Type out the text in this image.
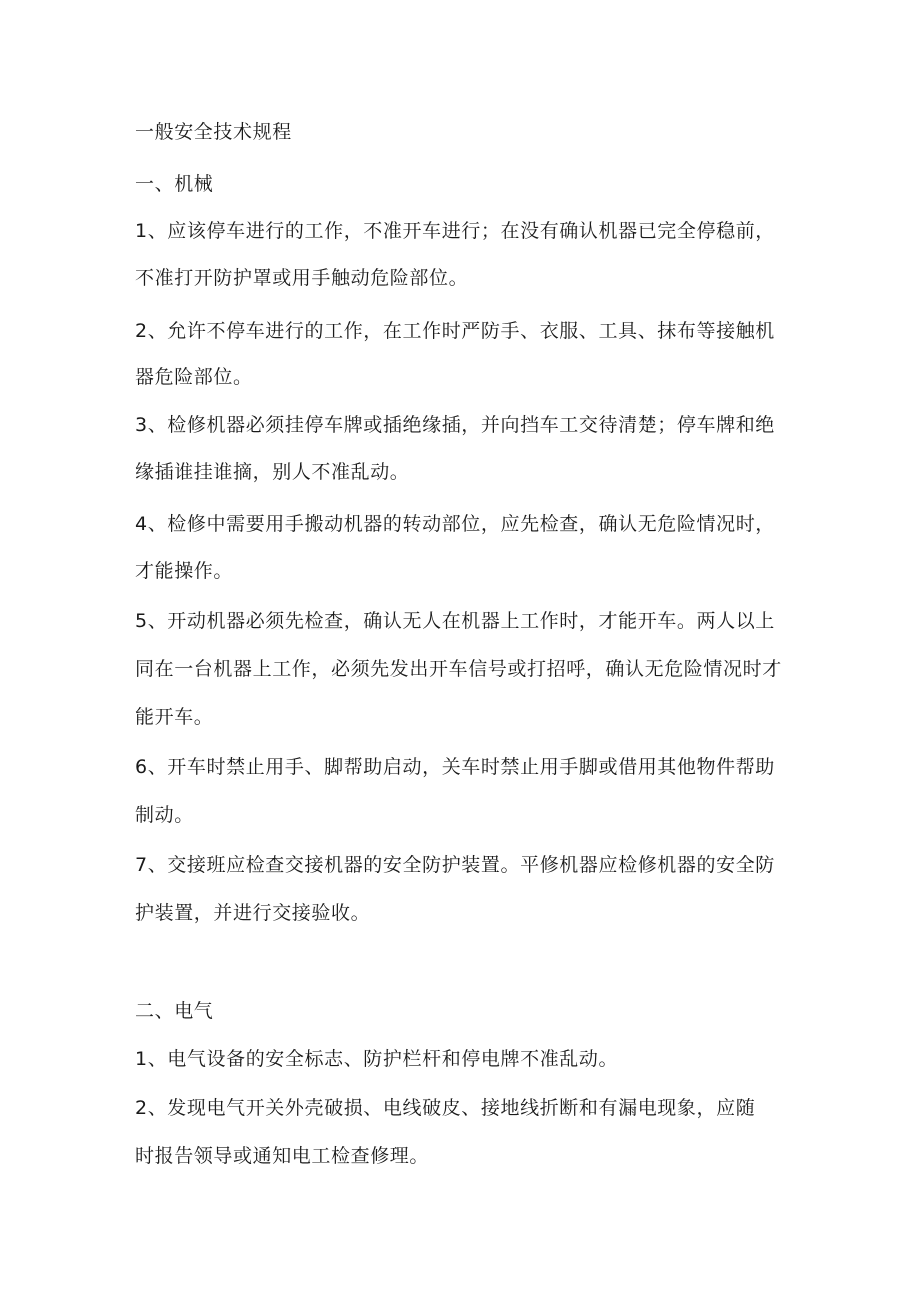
一般安全技术规程
一、机械
1、应该停车进行的工作，不准开车进行；在没有确认机器已完全停稳前，
不准打开防护罩或用手触动危险部位。
2、允许不停车进行的工作，在工作时严防手、衣服、工具、抹布等接触机
器危险部位。
3、检修机器必须挂停车牌或插绝缘插，并向挡车工交待清楚；停车牌和绝
缘插谁挂谁摘，别人不准乱动。
4、检修中需要用手搬动机器的转动部位，应先检查，确认无危险情况时，
才能操作。
5、开动机器必须先检查，确认无人在机器上工作时，才能开车。两人以上
同在一台机器上工作，必须先发出开车信号或打招呼，确认无危险情况时才
能开车。
6、开车时禁止用手、脚帮助启动，关车时禁止用手脚或借用其他物件帮助
制动。
7、交接班应检查交接机器的安全防护装置。平修机器应检修机器的安全防
护装置，并进行交接验收。
二、电气
1、电气设备的安全标志、防护栏杆和停电牌不准乱动。
2、发现电气开关外壳破损、电线破皮、接地线折断和有漏电现象，应随
时报告领导或通知电工检查修理。
